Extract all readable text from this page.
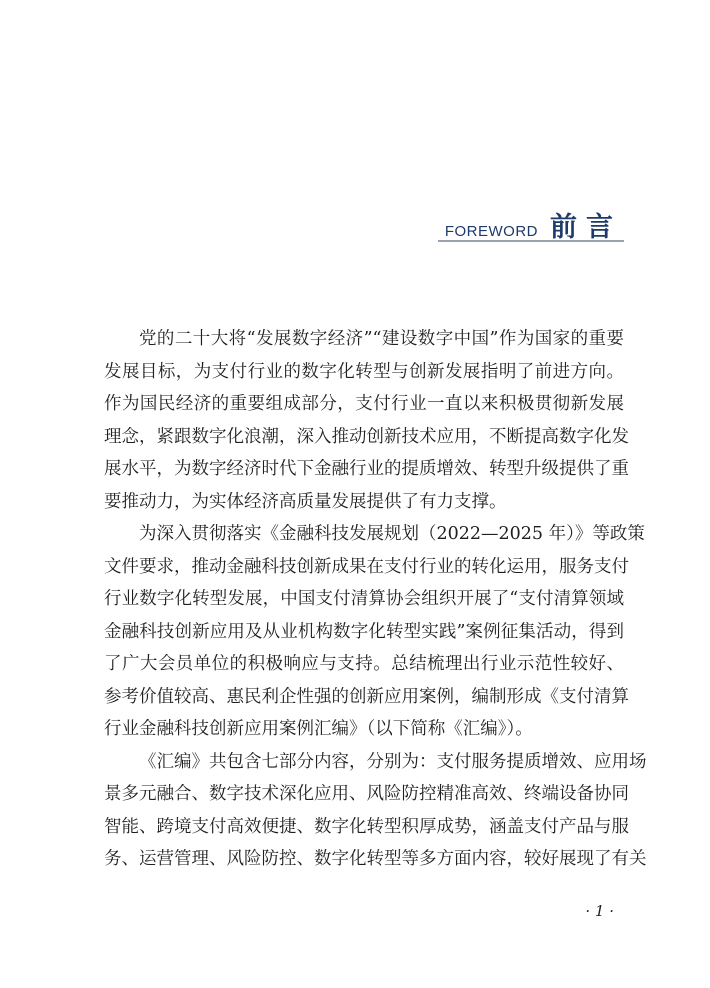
FOREWORD 前言
党的二十大将“发展数字经济”“建设数字中国”作为国家的重要
发展目标，为支付行业的数字化转型与创新发展指明了前进方向。
作为国民经济的重要组成部分，支付行业一直以来积极贯彻新发展
理念，紧跟数字化浪潮，深入推动创新技术应用，不断提高数字化发
展水平，为数字经济时代下金融行业的提质增效、转型升级提供了重
要推动力，为实体经济高质量发展提供了有力支撑。
为深入贯彻落实《金融科技发展规划（2022—2025 年）》等政策
文件要求，推动金融科技创新成果在支付行业的转化运用，服务支付
行业数字化转型发展，中国支付清算协会组织开展了“支付清算领域
金融科技创新应用及从业机构数字化转型实践”案例征集活动，得到
了广大会员单位的积极响应与支持。总结梳理出行业示范性较好、
参考价值较高、惠民利企性强的创新应用案例，编制形成《支付清算
行业金融科技创新应用案例汇编》（以下简称《汇编》）。
《汇编》共包含七部分内容，分别为：支付服务提质增效、应用场
景多元融合、数字技术深化应用、风险防控精准高效、终端设备协同
智能、跨境支付高效便捷、数字化转型积厚成势，涵盖支付产品与服
务、运营管理、风险防控、数字化转型等多方面内容，较好展现了有关
· 1 ·
